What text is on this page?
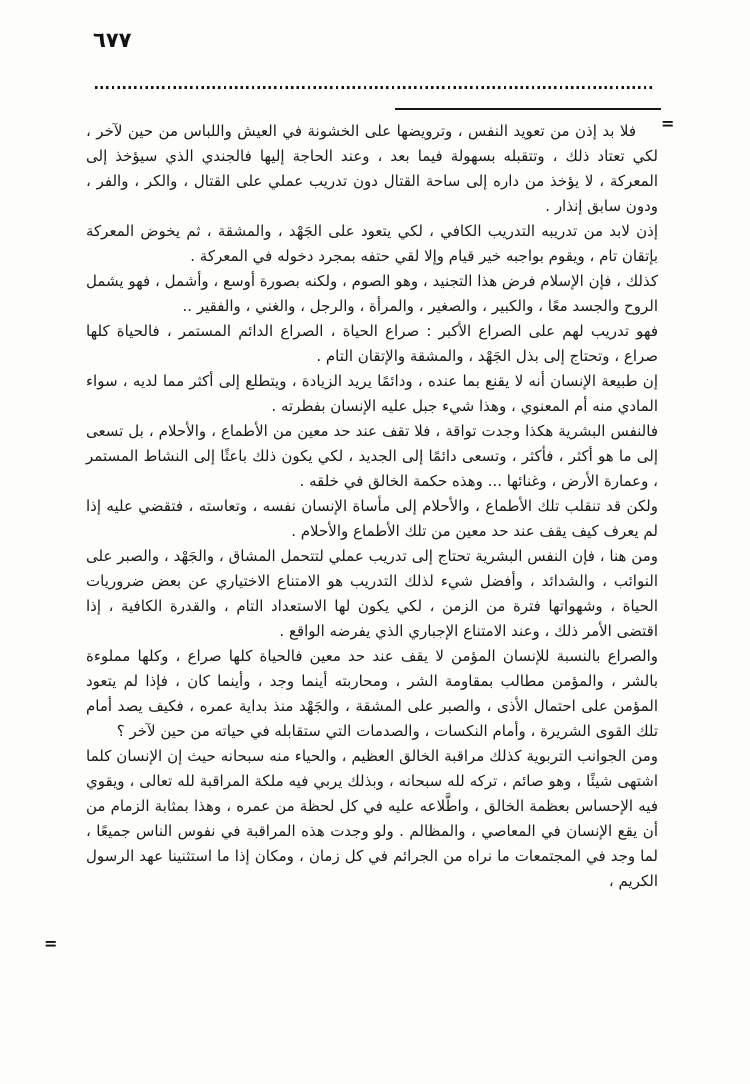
٦٧٧
=
=

فلا بد إذن من تعويد النفس ، وترويضها على الخشونة في العيش واللباس من حين لآخر ، لكي تعتاد ذلك ، وتتقبله بسهولة فيما بعد ، وعند الحاجة إليها فالجندي الذي سيؤخذ إلى المعركة ، لا يؤخذ من داره إلى ساحة القتال دون تدريب عملي على القتال ، والكر ، والفر ، ودون سابق إنذار .

إذن لابد من تدريبه التدريب الكافي ، لكي يتعود على الجَهْد ، والمشقة ، ثم يخوض المعركة بإتقان تام ، ويقوم بواجبه خير قيام وإلا لقي حتفه بمجرد دخوله في المعركة .

كذلك ، فإن الإسلام فرض هذا التجنيد ، وهو الصوم ، ولكنه بصورة أوسع ، وأشمل ، فهو يشمل الروح والجسد معًا ، والكبير ، والصغير ، والمرأة ، والرجل ، والغني ، والفقير ..

فهو تدريب لهم على الصراع الأكبر : صراع الحياة ، الصراع الدائم المستمر ، فالحياة كلها صراع ، وتحتاج إلى بذل الجَهْد ، والمشقة والإتقان التام .

إن طبيعة الإنسان أنه لا يقنع بما عنده ، ودائمًا يريد الزيادة ، ويتطلع إلى أكثر مما لديه ، سواء المادي منه أم المعنوي ، وهذا شيء جبل عليه الإنسان بفطرته .

فالنفس البشرية هكذا وجدت تواقة ، فلا تقف عند حد معين من الأطماع ، والأحلام ، بل تسعى إلى ما هو أكثر ، فأكثر ، وتسعى دائمًا إلى الجديد ، لكي يكون ذلك باعثًا إلى النشاط المستمر ، وعمارة الأرض ، وغنائها ... وهذه حكمة الخالق في خلقه .

ولكن قد تنقلب تلك الأطماع ، والأحلام إلى مأساة الإنسان نفسه ، وتعاسته ، فتقضي عليه إذا لم يعرف كيف يقف عند حد معين من تلك الأطماع والأحلام .

ومن هنا ، فإن النفس البشرية تحتاج إلى تدريب عملي لتتحمل المشاق ، والجَهْد ، والصبر على النوائب ، والشدائد ، وأفضل شيء لذلك التدريب هو الامتناع الاختياري عن بعض ضروريات الحياة ، وشهواتها فترة من الزمن ، لكي يكون لها الاستعداد التام ، والقدرة الكافية ، إذا اقتضى الأمر ذلك ، وعند الامتناع الإجباري الذي يفرضه الواقع .

والصراع بالنسبة للإنسان المؤمن لا يقف عند حد معين فالحياة كلها صراع ، وكلها مملوءة بالشر ، والمؤمن مطالب بمقاومة الشر ، ومحاربته أينما وجد ، وأينما كان ، فإذا لم يتعود المؤمن على احتمال الأذى ، والصبر على المشقة ، والجَهْد منذ بداية عمره ، فكيف يصد أمام تلك القوى الشريرة ، وأمام النكسات ، والصدمات التي ستقابله في حياته من حين لآخر ؟

ومن الجوانب التربوية كذلك مراقبة الخالق العظيم ، والحياء منه سبحانه حيث إن الإنسان كلما اشتهى شيئًا ، وهو صائم ، تركه لله سبحانه ، وبذلك يربي فيه ملكة المراقبة لله تعالى ، ويقوي فيه الإحساس بعظمة الخالق ، واطَّلاعه عليه في كل لحظة من عمره ، وهذا بمثابة الزمام من أن يقع الإنسان في المعاصي ، والمظالم . ولو وجدت هذه المراقبة في نفوس الناس جميعًا ، لما وجد في المجتمعات ما نراه من الجرائم في كل زمان ، ومكان إذا ما استثنينا عهد الرسول الكريم ،
